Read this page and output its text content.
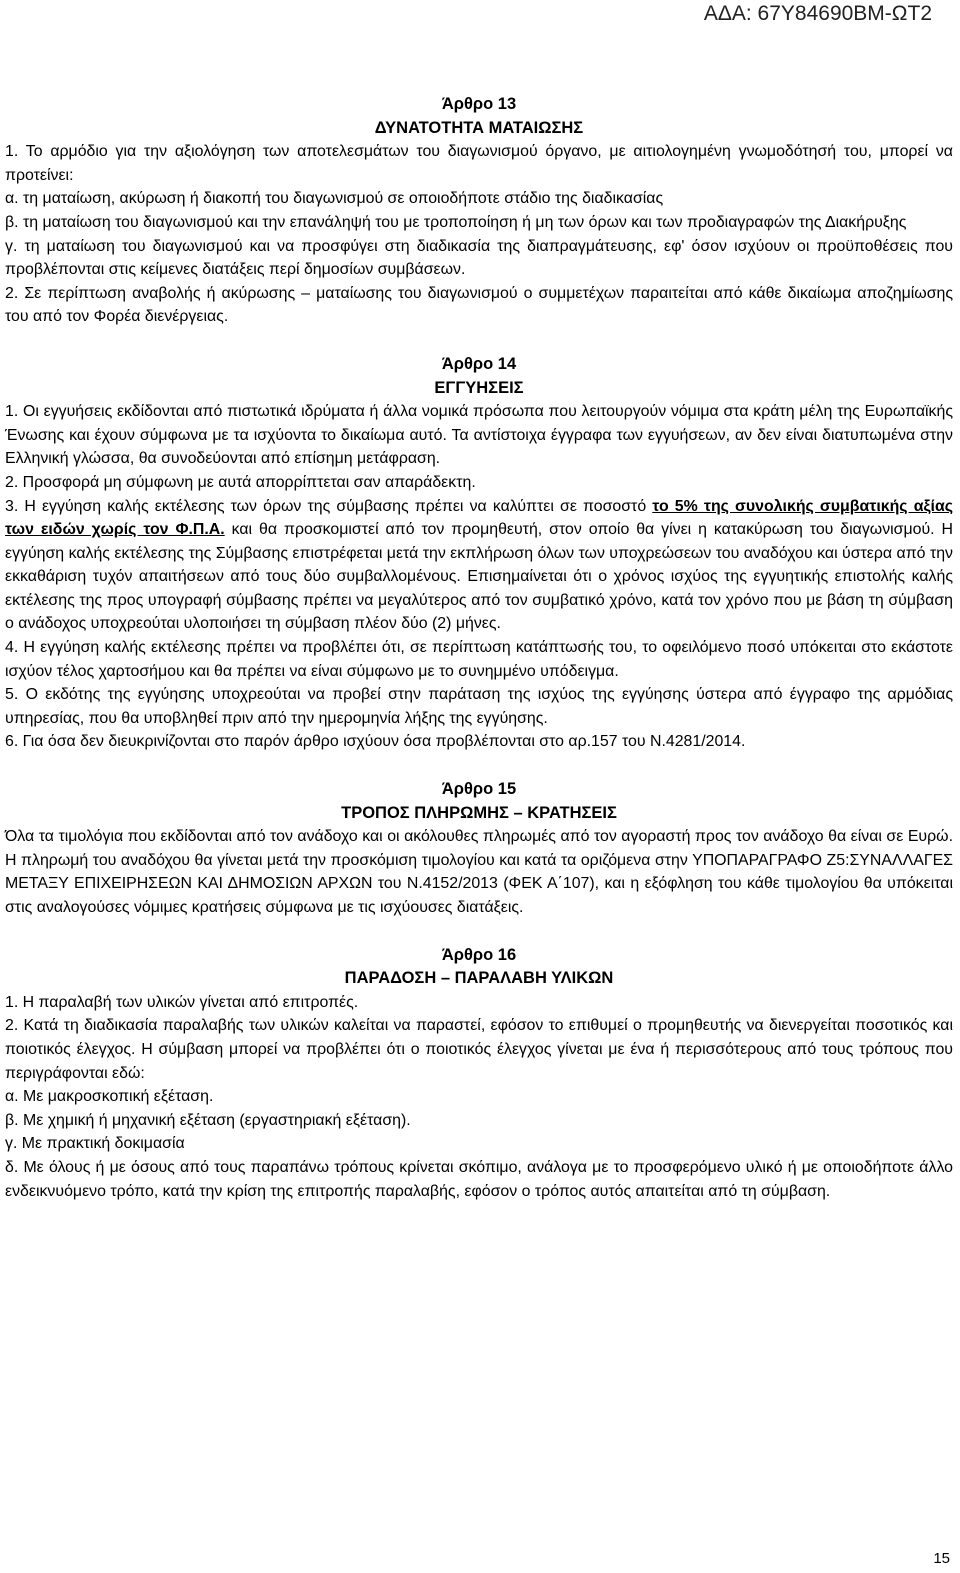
ΑΔΑ: 67Υ84690ΒΜ-ΩΤ2
Άρθρο 13
ΔΥΝΑΤΟΤΗΤΑ ΜΑΤΑΙΩΣΗΣ

1. Το αρμόδιο για την αξιολόγηση των αποτελεσμάτων του διαγωνισμού όργανο, με αιτιολογημένη γνωμοδότησή του, μπορεί να προτείνει:

α. τη ματαίωση, ακύρωση ή διακοπή του διαγωνισμού σε οποιοδήποτε στάδιο της διαδικασίας

β. τη ματαίωση του διαγωνισμού και την επανάληψή του με τροποποίηση ή μη των όρων και των προδιαγραφών της Διακήρυξης

γ. τη ματαίωση του διαγωνισμού και να προσφύγει στη διαδικασία της διαπραγμάτευσης, εφ' όσον ισχύουν οι προϋποθέσεις που προβλέπονται στις κείμενες διατάξεις περί δημοσίων συμβάσεων.

2. Σε περίπτωση αναβολής ή ακύρωσης – ματαίωσης του διαγωνισμού ο συμμετέχων παραιτείται από κάθε δικαίωμα αποζημίωσης του από τον Φορέα διενέργειας.

Άρθρο 14
ΕΓΓΥΗΣΕΙΣ

1. Οι εγγυήσεις εκδίδονται από πιστωτικά ιδρύματα ή άλλα νομικά πρόσωπα που λειτουργούν νόμιμα στα κράτη μέλη της Ευρωπαϊκής Ένωσης και έχουν σύμφωνα με τα ισχύοντα το δικαίωμα αυτό. Τα αντίστοιχα έγγραφα των εγγυήσεων, αν δεν είναι διατυπωμένα στην Ελληνική γλώσσα, θα συνοδεύονται από επίσημη μετάφραση.

2. Προσφορά μη σύμφωνη με αυτά απορρίπτεται σαν απαράδεκτη.

3. Η εγγύηση καλής εκτέλεσης των όρων της σύμβασης πρέπει να καλύπτει σε ποσοστό το 5% της συνολικής συμβατικής αξίας των ειδών χωρίς τον Φ.Π.Α. και θα προσκομιστεί από τον προμηθευτή, στον οποίο θα γίνει η κατακύρωση του διαγωνισμού. Η εγγύηση καλής εκτέλεσης της Σύμβασης επιστρέφεται μετά την εκπλήρωση όλων των υποχρεώσεων του αναδόχου και ύστερα από την εκκαθάριση τυχόν απαιτήσεων από τους δύο συμβαλλομένους. Επισημαίνεται ότι ο χρόνος ισχύος της εγγυητικής επιστολής καλής εκτέλεσης της προς υπογραφή σύμβασης πρέπει να μεγαλύτερος από τον συμβατικό χρόνο, κατά τον χρόνο που με βάση τη σύμβαση ο ανάδοχος υποχρεούται υλοποιήσει τη σύμβαση πλέον δύο (2) μήνες.

4. Η εγγύηση καλής εκτέλεσης πρέπει να προβλέπει ότι, σε περίπτωση κατάπτωσής του, το οφειλόμενο ποσό υπόκειται στο εκάστοτε ισχύον τέλος χαρτοσήμου και θα πρέπει να είναι σύμφωνο με το συνημμένο υπόδειγμα.

5. Ο εκδότης της εγγύησης υποχρεούται να προβεί στην παράταση της ισχύος της εγγύησης ύστερα από έγγραφο της αρμόδιας υπηρεσίας, που θα υποβληθεί πριν από την ημερομηνία λήξης της εγγύησης.

6. Για όσα δεν διευκρινίζονται στο παρόν άρθρο ισχύουν όσα προβλέπονται στο αρ.157 του Ν.4281/2014.

Άρθρο 15
ΤΡΟΠΟΣ ΠΛΗΡΩΜΗΣ – ΚΡΑΤΗΣΕΙΣ

Όλα τα τιμολόγια που εκδίδονται από τον ανάδοχο και οι ακόλουθες πληρωμές από τον αγοραστή προς τον ανάδοχο θα είναι σε Ευρώ. Η πληρωμή του αναδόχου θα γίνεται μετά την προσκόμιση τιμολογίου και κατά τα οριζόμενα στην ΥΠΟΠΑΡΑΓΡΑΦΟ Ζ5:ΣΥΝΑΛΛΑΓΕΣ ΜΕΤΑΞΥ ΕΠΙΧΕΙΡΗΣΕΩΝ ΚΑΙ ΔΗΜΟΣΙΩΝ ΑΡΧΩΝ του Ν.4152/2013 (ΦΕΚ Α΄107), και η εξόφληση του κάθε τιμολογίου θα υπόκειται στις αναλογούσες νόμιμες κρατήσεις σύμφωνα με τις ισχύουσες διατάξεις.

Άρθρο 16
ΠΑΡΑΔΟΣΗ – ΠΑΡΑΛΑΒΗ ΥΛΙΚΩΝ

1. Η παραλαβή των υλικών γίνεται από επιτροπές.

2. Κατά τη διαδικασία παραλαβής των υλικών καλείται να παραστεί, εφόσον το επιθυμεί ο προμηθευτής να διενεργείται ποσοτικός και ποιοτικός έλεγχος. Η σύμβαση μπορεί να προβλέπει ότι ο ποιοτικός έλεγχος γίνεται με ένα ή περισσότερους από τους τρόπους που περιγράφονται εδώ:

α. Με μακροσκοπική εξέταση.

β. Με χημική ή μηχανική εξέταση (εργαστηριακή εξέταση).

γ. Με πρακτική δοκιμασία

δ. Με όλους ή με όσους από τους παραπάνω τρόπους κρίνεται σκόπιμο, ανάλογα με το προσφερόμενο υλικό ή με οποιοδήποτε άλλο ενδεικνυόμενο τρόπο, κατά την κρίση της επιτροπής παραλαβής, εφόσον ο τρόπος αυτός απαιτείται από τη σύμβαση.

15
